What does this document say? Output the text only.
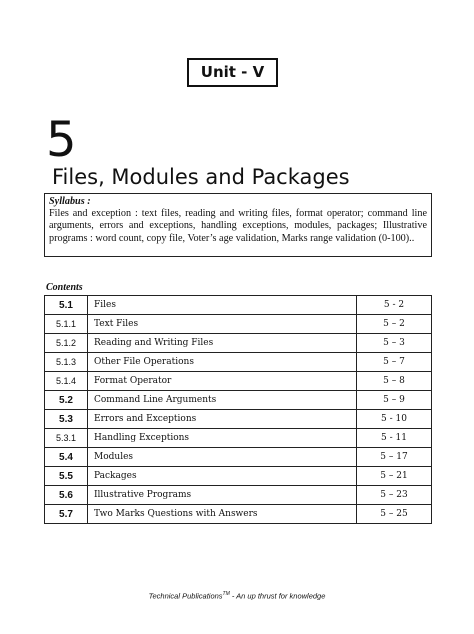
Unit - V
5
Files, Modules and Packages
Syllabus :
Files and exception : text files, reading and writing files, format operator; command line arguments, errors and exceptions, handling exceptions, modules, packages; Illustrative programs : word count, copy file, Voter’s age validation, Marks range validation (0-100)..
Contents
5.1	Files	5 - 2
5.1.1	Text Files	5 – 2
5.1.2	Reading and Writing Files	5 – 3
5.1.3	Other File Operations	5 – 7
5.1.4	Format Operator	5 – 8
5.2	Command Line Arguments	5 – 9
5.3	Errors and Exceptions	5 - 10
5.3.1	Handling Exceptions	5 - 11
5.4	Modules	5 – 17
5.5	Packages	5 – 21
5.6	Illustrative Programs	5 – 23
5.7	Two Marks Questions with Answers	5 – 25
Technical Publications™ - An up thrust for knowledge
